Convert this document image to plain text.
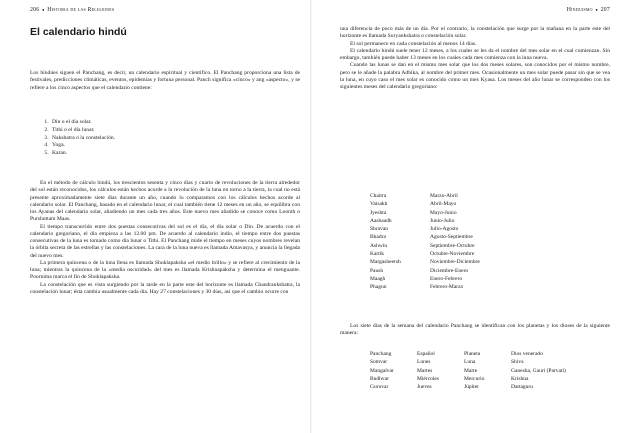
206 ● Historia de las Religiones
El calendario hindú

Los hindúes siguen el Panchang, es decir, un calendario espiritual y científico. El Panchang proporciona una lista de festivales, predicciones climáticas, eventos, epidemias y fortuna personal. Panch significa «cinco» y ang «aspecto», y se refiere a los cinco aspectos que el calendario contiene:

1. Din o el día solar.
2. Tithi o el día lunar.
3. Nakshatra o la constelación.
4. Yoga.
5. Karan.

En el método de cálculo hindú, los trescientos sesenta y cinco días y cuarto de revoluciones de la tierra alrededor del sol están reconocidos, los cálculos están hechos acorde a la revolución de la luna en torno a la tierra, la cual no está presente aproximadamente siete días durante un año, cuando lo comparamos con los cálculos hechos acorde al calendario solar. El Panchang, basado en el calendario lunar, el cual también tiene 12 meses en un año, se equilibra con los Ayanas del calendario solar, añadiendo un mes cada tres años. Este nuevo mes añadido se conoce como Loonth o Purshottam Maas.

El tiempo transcurrido entre dos puestas consecutivas del sol es el día, el día solar o Din. De acuerdo con el calendario gregoriano, el día empieza a las 12.00 pm. De acuerdo al calendario indio, el tiempo entre dos puestas consecutivas de la luna es tomado como día lunar o Tithi. El Panchang mide el tiempo en meses cuyos nombres revelan la órbita secreta de las estrellas y las constelaciones. La cara de la luna nueva es llamada Amavasya, y anuncia la llegada del nuevo mes.

La primera quincena o de la luna llena es llamada Shuklapaksha «el medio brillo» y se refiere al crecimiento de la luna; mientras la quincena de la «media oscuridad» del mes es llamada Krishnapaksha y determina el menguante. Poornima marca el fin de Shuklapaksha.

La constelación que es vista surgiendo por la tarde en la parte este del horizonte es llamada Chandrankshatra, la constelación lunar; ésta cambia usualmente cada día. Hay 27 constelaciones y 30 días, así que el cambio ocurre con

Hinduismo ● 207

una diferencia de poco más de un día. Por el contrario, la constelación que surge por la mañana en la parte este del horizonte es llamada Suryankshatra o constelación solar.

El sol permanece en cada constelación al menos 14 días.

El calendario hindú suele tener 12 meses, a los cuales se les da el nombre del mes solar en el cual comienzan. Sin embargo, también puede haber 13 meses en los cuales cada mes comienza con la luna nueva.

Cuando las lunas se dan en el mismo mes solar que los dos meses solares, son conocidos por el mismo nombre, pero se le añade la palabra Adhika, al nombre del primer mes. Ocasionalmente un mes solar puede pasar sin que se vea la luna, en cuyo caso el mes solar es conocido como un mes Kyasa. Los meses del año lunar se corresponden con los siguientes meses del calendario gregoriano:

Chaitra	Marzo-Abril
Vaisakh	Abril-Mayo
Jyeshta	Mayo-Junio
Aashaadh	Junio-Julio
Shravan	Julio-Agosto
Bhadra	Agosto-Septiembre
Ashwin	Septiembre-Octubre
Kartik	Octubre-Noviembre
Margasheersh	Noviembre-Diciembre
Paush	Diciembre-Enero
Maagh	Enero-Febrero
Phagun	Febrero-Marzo

Los siete días de la semana del calendario Panchang se identifican con los planetas y los dioses de la siguiente manera:

Panchang	Español	Planeta	Dios venerado
Somvar	Lunes	Luna	Shiva
Mangalvar	Martes	Marte	Ganesha, Gauri (Parvati)
Budhvar	Miércoles	Mercurio	Krishna
Guruvar	Jueves	Júpiter	Dattaguru
